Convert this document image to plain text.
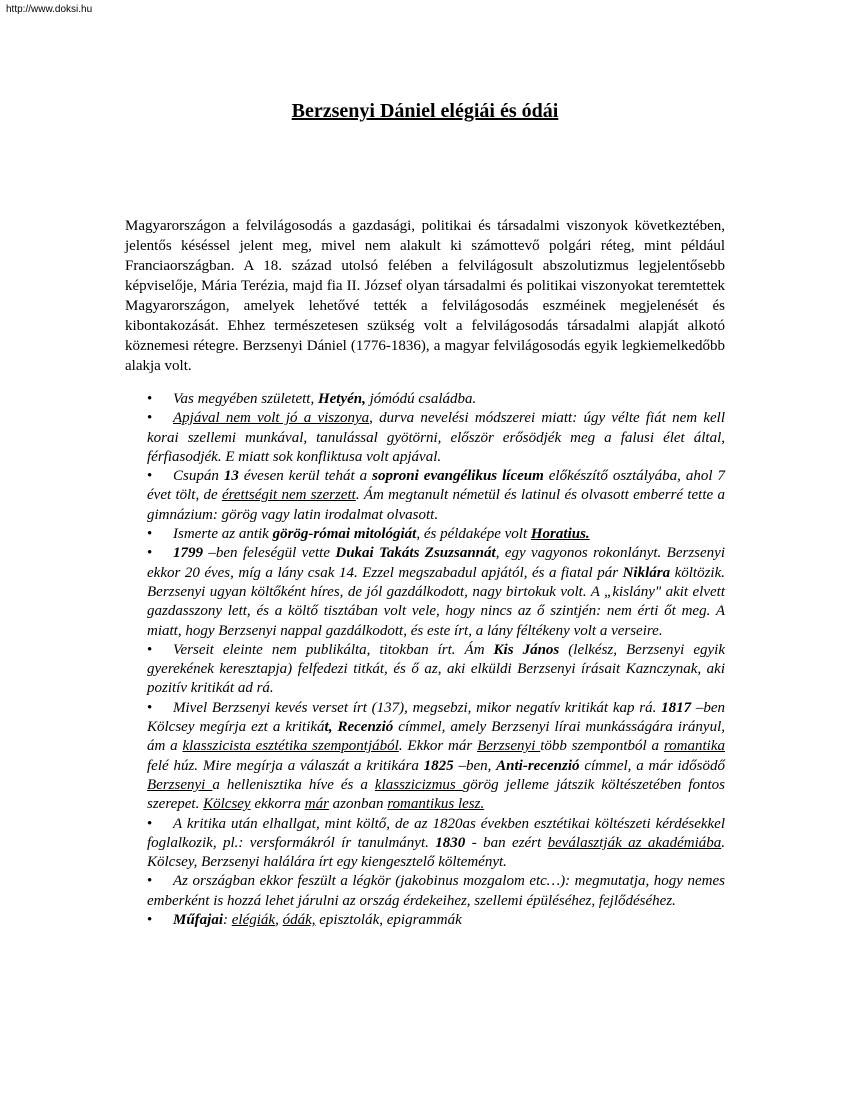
http://www.doksi.hu
Berzsenyi Dániel elégiái és ódái

Magyarországon a felvilágosodás a gazdasági, politikai és társadalmi viszonyok következtében, jelentős késéssel jelent meg, mivel nem alakult ki számottevő polgári réteg, mint például Franciaországban. A 18. század utolsó felében a felvilágosult abszolutizmus legjelentősebb képviselője, Mária Terézia, majd fia II. József olyan társadalmi és politikai viszonyokat teremtettek Magyarországon, amelyek lehetővé tették a felvilágosodás eszméinek megjelenését és kibontakozását. Ehhez természetesen szükség volt a felvilágosodás társadalmi alapját alkotó köznemesi rétegre. Berzsenyi Dániel (1776-1836), a magyar felvilágosodás egyik legkiemelkedőbb alakja volt.

• Vas megyében született, Hetyén, jómódú családba.
• Apjával nem volt jó a viszonya, durva nevelési módszerei miatt: úgy vélte fiát nem kell korai szellemi munkával, tanulással gyötörni, először erősödjék meg a falusi élet által, férfiasodjék. E miatt sok konfliktusa volt apjával.
• Csupán 13 évesen kerül tehát a soproni evangélikus líceum előkészítő osztályába, ahol 7 évet tölt, de érettségit nem szerzett. Ám megtanult németül és latinul és olvasott emberré tette a gimnázium: görög vagy latin irodalmat olvasott.
• Ismerte az antik görög-római mitológiát, és példaképe volt Horatius.
• 1799 –ben feleségül vette Dukai Takáts Zsuzsannát, egy vagyonos rokonlányt. Berzsenyi ekkor 20 éves, míg a lány csak 14. Ezzel megszabadul apjától, és a fiatal pár Niklára költözik. Berzsenyi ugyan költőként híres, de jól gazdálkodott, nagy birtokuk volt. A „kislány" akit elvett gazdasszony lett, és a költő tisztában volt vele, hogy nincs az ő szintjén: nem érti őt meg. A miatt, hogy Berzsenyi nappal gazdálkodott, és este írt, a lány féltékeny volt a verseire.
• Verseit eleinte nem publikálta, titokban írt. Ám Kis János (lelkész, Berzsenyi egyik gyerekének keresztapja) felfedezi titkát, és ő az, aki elküldi Berzsenyi írásait Kaznczynak, aki pozitív kritikát ad rá.
• Mivel Berzsenyi kevés verset írt (137), megsebzi, mikor negatív kritikát kap rá. 1817 –ben Kölcsey megírja ezt a kritikát, Recenzió címmel, amely Berzsenyi lírai munkásságára irányul, ám a klasszicista esztétika szempontjából. Ekkor már Berzsenyi több szempontból a romantika felé húz. Mire megírja a válaszát a kritikára 1825 –ben, Anti-recenzió címmel, a már idősödő Berzsenyi a hellenisztika híve és a klasszicizmus görög jelleme játszik költészetében fontos szerepet. Kölcsey ekkorra már azonban romantikus lesz.
• A kritika után elhallgat, mint költő, de az 1820as években esztétikai költészeti kérdésekkel foglalkozik, pl.: versformákról ír tanulmányt. 1830 - ban ezért beválasztják az akadémiába. Kölcsey, Berzsenyi halálára írt egy kiengesztelő költeményt.
• Az országban ekkor feszült a légkör (jakobinus mozgalom etc…): megmutatja, hogy nemes emberként is hozzá lehet járulni az ország érdekeihez, szellemi épüléséhez, fejlődéséhez.
• Műfajai: elégiák, ódák, episztolák, epigrammák
